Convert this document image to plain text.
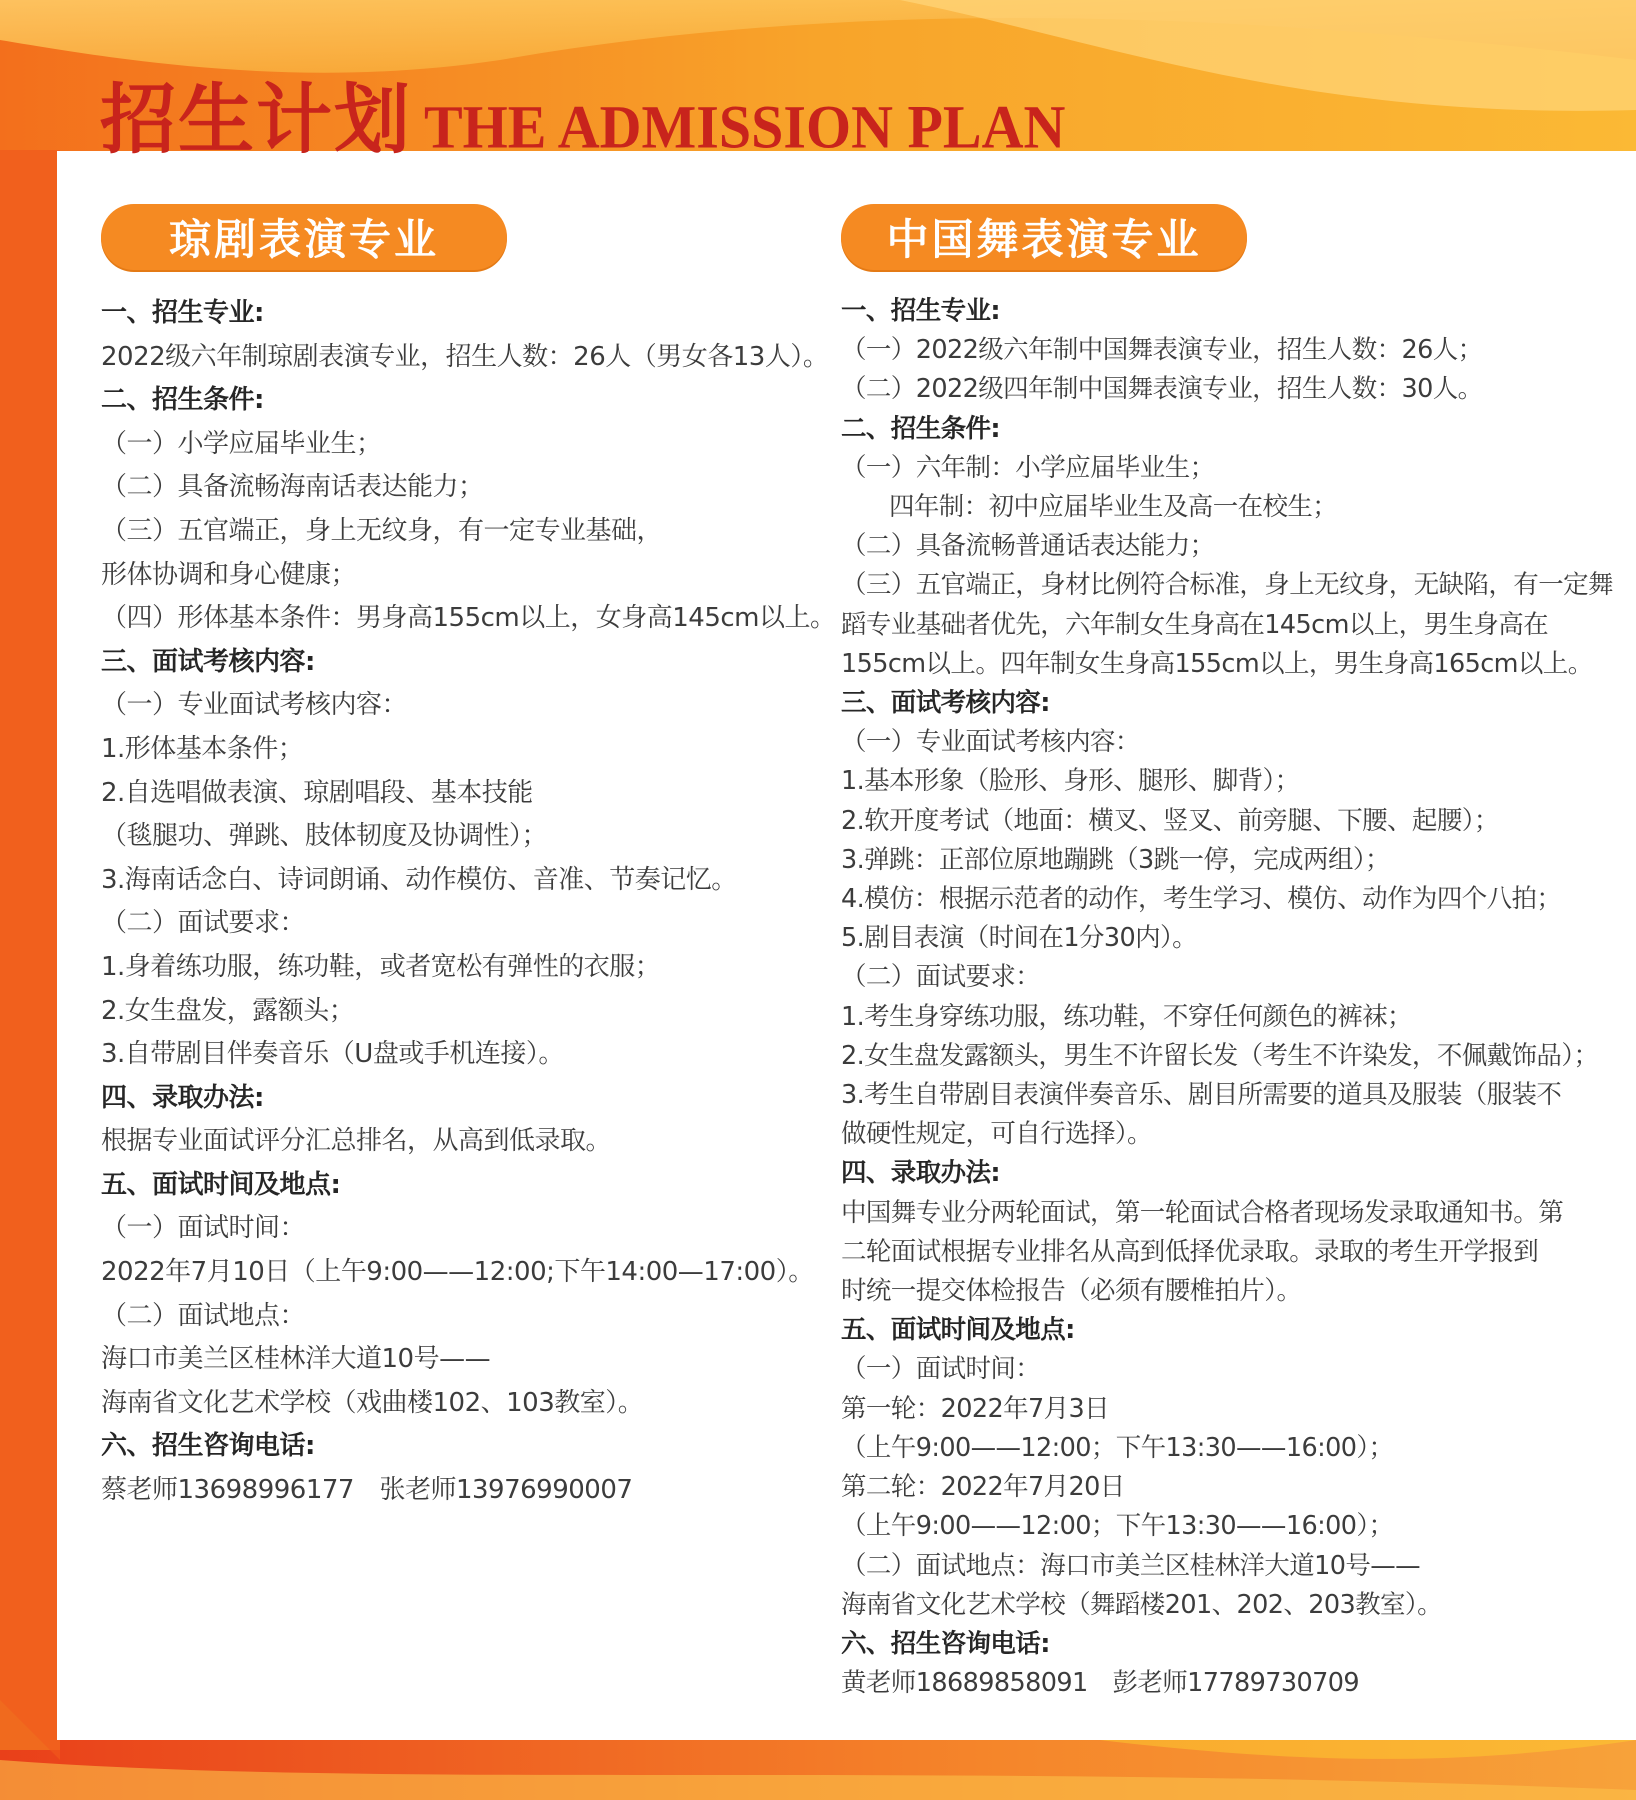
招生计划 THE ADMISSION PLAN
琼剧表演专业
一、招生专业:
2022级六年制琼剧表演专业，招生人数：26人（男女各13人）。
二、招生条件:
（一）小学应届毕业生；
（二）具备流畅海南话表达能力；
（三）五官端正，身上无纹身，有一定专业基础，
形体协调和身心健康；
（四）形体基本条件：男身高155cm以上，女身高145cm以上。
三、面试考核内容:
（一）专业面试考核内容：
1.形体基本条件；
2.自选唱做表演、琼剧唱段、基本技能
（毯腿功、弹跳、肢体韧度及协调性）；
3.海南话念白、诗词朗诵、动作模仿、音准、节奏记忆。
（二）面试要求：
1.身着练功服，练功鞋，或者宽松有弹性的衣服；
2.女生盘发，露额头；
3.自带剧目伴奏音乐（U盘或手机连接）。
四、录取办法:
根据专业面试评分汇总排名，从高到低录取。
五、面试时间及地点:
（一）面试时间：
2022年7月10日（上午9:00——12:00;下午14:00—17:00）。
（二）面试地点：
海口市美兰区桂林洋大道10号——
海南省文化艺术学校（戏曲楼102、103教室）。
六、招生咨询电话:
蔡老师13698996177　张老师13976990007
中国舞表演专业
一、招生专业:
（一）2022级六年制中国舞表演专业，招生人数：26人；
（二）2022级四年制中国舞表演专业，招生人数：30人。
二、招生条件:
（一）六年制：小学应届毕业生；
四年制：初中应届毕业生及高一在校生；
（二）具备流畅普通话表达能力；
（三）五官端正，身材比例符合标准，身上无纹身，无缺陷，有一定舞
蹈专业基础者优先，六年制女生身高在145cm以上，男生身高在
155cm以上。四年制女生身高155cm以上，男生身高165cm以上。
三、面试考核内容:
（一）专业面试考核内容：
1.基本形象（脸形、身形、腿形、脚背）；
2.软开度考试（地面：横叉、竖叉、前旁腿、下腰、起腰）；
3.弹跳：正部位原地蹦跳（3跳一停，完成两组）；
4.模仿：根据示范者的动作，考生学习、模仿、动作为四个八拍；
5.剧目表演（时间在1分30内）。
（二）面试要求：
1.考生身穿练功服，练功鞋，不穿任何颜色的裤袜；
2.女生盘发露额头，男生不许留长发（考生不许染发，不佩戴饰品）；
3.考生自带剧目表演伴奏音乐、剧目所需要的道具及服装（服装不
做硬性规定，可自行选择）。
四、录取办法:
中国舞专业分两轮面试，第一轮面试合格者现场发录取通知书。第
二轮面试根据专业排名从高到低择优录取。录取的考生开学报到
时统一提交体检报告（必须有腰椎拍片）。
五、面试时间及地点:
（一）面试时间：
第一轮：2022年7月3日
（上午9:00——12:00；下午13:30——16:00）；
第二轮：2022年7月20日
（上午9:00——12:00；下午13:30——16:00）；
（二）面试地点：海口市美兰区桂林洋大道10号——
海南省文化艺术学校（舞蹈楼201、202、203教室）。
六、招生咨询电话:
黄老师18689858091　彭老师17789730709
